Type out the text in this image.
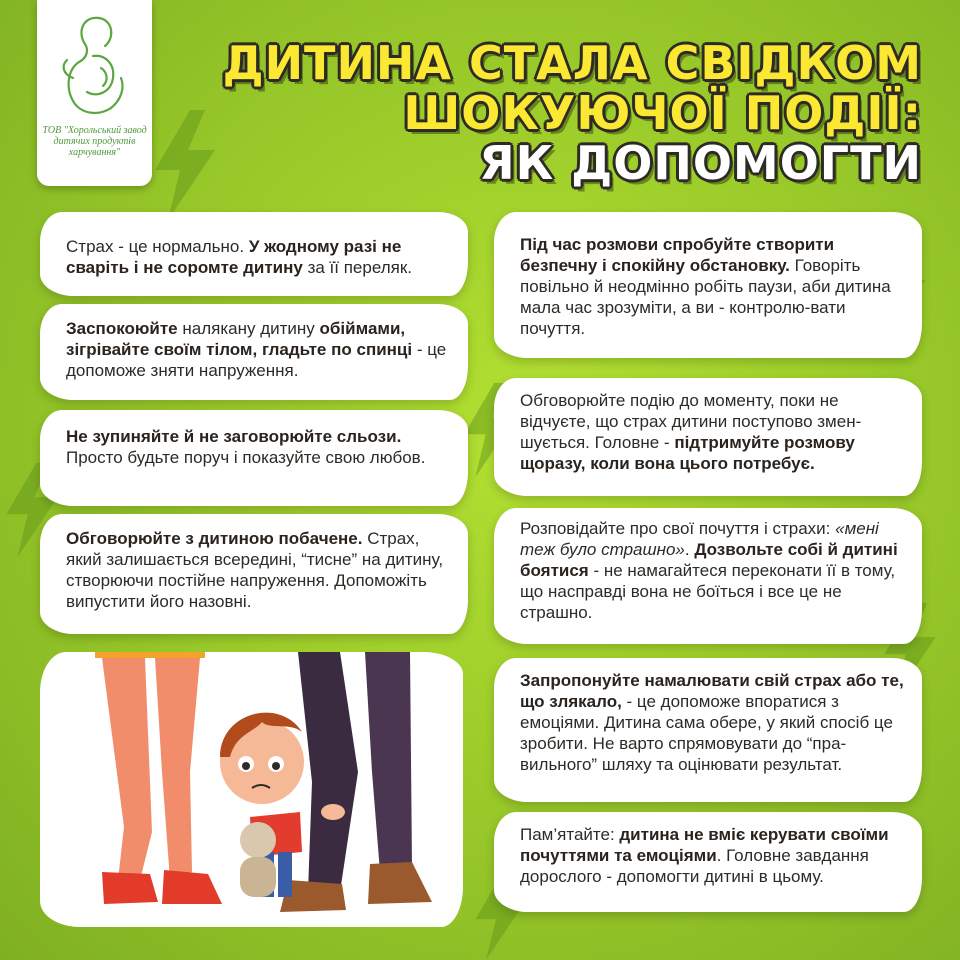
ТОВ "Хорольський завод дитячих продуктів харчування"
ДИТИНА СТАЛА СВІДКОМ
ШОКУЮЧОЇ ПОДІЇ:
ЯК ДОПОМОГТИ
Страх - це нормально. У жодному разі не сваріть і не соромте дитину за її переляк.
Заспокоюйте налякану дитину обіймами, зігрівайте своїм тілом, гладьте по спинці - це допоможе зняти напруження.
Не зупиняйте й не заговорюйте сльози. Просто будьте поруч і показуйте свою любов.
Обговорюйте з дитиною побачене. Страх, який залишається всередині, “тисне” на дитину, створюючи постійне напруження. Допоможіть випустити його назовні.
Під час розмови спробуйте створити безпечну і спокійну обстановку. Говоріть повільно й неодмінно робіть паузи, аби дитина мала час зрозуміти, а ви - контролю-вати почуття.
Обговорюйте подію до моменту, поки не відчуєте, що страх дитини поступово змен-шується. Головне - підтримуйте розмову щоразу, коли вона цього потребує.
Розповідайте про свої почуття і страхи: «мені теж було страшно». Дозвольте собі й дитині боятися - не намагайтеся переконати її в тому, що насправді вона не боїться і все це не страшно.
Запропонуйте намалювати свій страх або те, що злякало, - це допоможе впоратися з емоціями. Дитина сама обере, у який спосіб це зробити. Не варто спрямовувати до “пра-вильного” шляху та оцінювати результат.
Пам’ятайте: дитина не вміє керувати своїми почуттями та емоціями. Головне завдання дорослого - допомогти дитині в цьому.
